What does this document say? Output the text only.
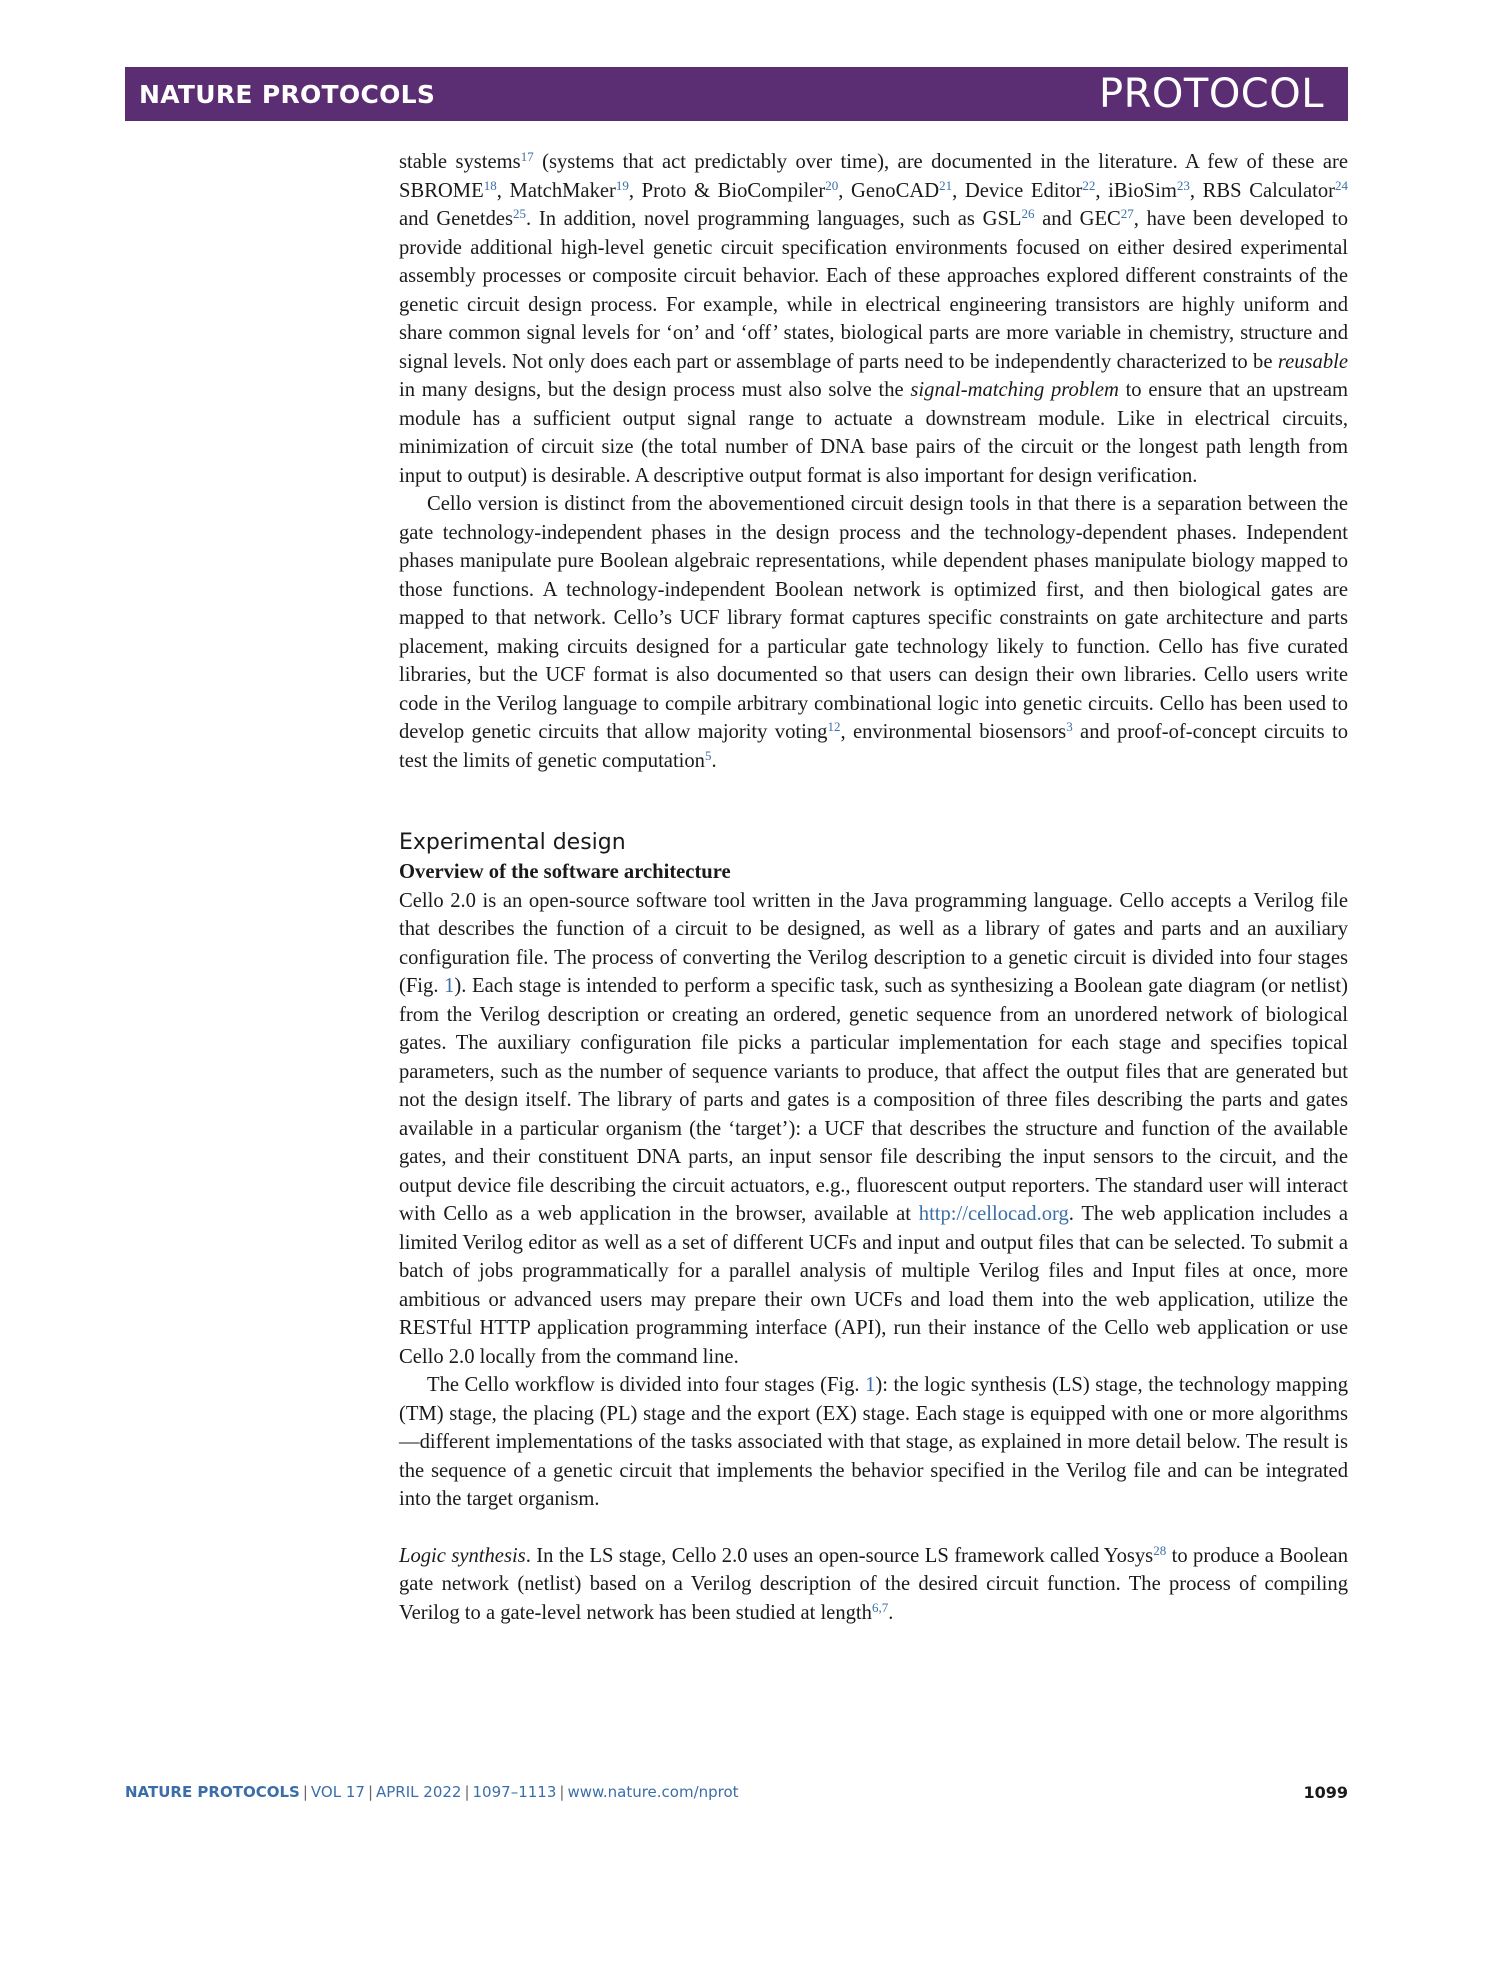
NATURE PROTOCOLS	PROTOCOL

stable systems$^{17}$ (systems that act predictably over time), are documented in the literature. A few of these are SBROME$^{18}$, MatchMaker$^{19}$, Proto & BioCompiler$^{20}$, GenoCAD$^{21}$, Device Editor$^{22}$, iBioSim$^{23}$, RBS Calculator$^{24}$ and Genetdes$^{25}$. In addition, novel programming languages, such as GSL$^{26}$ and GEC$^{27}$, have been developed to provide additional high-level genetic circuit specification environments focused on either desired experimental assembly processes or composite circuit behavior. Each of these approaches explored different constraints of the genetic circuit design process. For example, while in electrical engineering transistors are highly uniform and share common signal levels for ‘on’ and ‘off’ states, biological parts are more variable in chemistry, structure and signal levels. Not only does each part or assemblage of parts need to be independently characterized to be reusable in many designs, but the design process must also solve the signal-matching problem to ensure that an upstream module has a sufficient output signal range to actuate a downstream module. Like in electrical circuits, minimization of circuit size (the total number of DNA base pairs of the circuit or the longest path length from input to output) is desirable. A descriptive output format is also important for design verification.

Cello version is distinct from the abovementioned circuit design tools in that there is a separation between the gate technology-independent phases in the design process and the technology-dependent phases. Independent phases manipulate pure Boolean algebraic representations, while dependent phases manipulate biology mapped to those functions. A technology-independent Boolean network is optimized first, and then biological gates are mapped to that network. Cello’s UCF library format captures specific constraints on gate architecture and parts placement, making circuits designed for a particular gate technology likely to function. Cello has five curated libraries, but the UCF format is also documented so that users can design their own libraries. Cello users write code in the Verilog language to compile arbitrary combinational logic into genetic circuits. Cello has been used to develop genetic circuits that allow majority voting$^{12}$, environmental biosensors$^3$ and proof-of-concept circuits to test the limits of genetic computation$^5$.

Experimental design
Overview of the software architecture

Cello 2.0 is an open-source software tool written in the Java programming language. Cello accepts a Verilog file that describes the function of a circuit to be designed, as well as a library of gates and parts and an auxiliary configuration file. The process of converting the Verilog description to a genetic circuit is divided into four stages (Fig. 1). Each stage is intended to perform a specific task, such as synthesizing a Boolean gate diagram (or netlist) from the Verilog description or creating an ordered, genetic sequence from an unordered network of biological gates. The auxiliary configuration file picks a particular implementation for each stage and specifies topical parameters, such as the number of sequence variants to produce, that affect the output files that are generated but not the design itself. The library of parts and gates is a composition of three files describing the parts and gates available in a particular organism (the ‘target’): a UCF that describes the structure and function of the available gates, and their constituent DNA parts, an input sensor file describing the input sensors to the circuit, and the output device file describing the circuit actuators, e.g., fluorescent output reporters. The standard user will interact with Cello as a web application in the browser, available at http://cellocad.org. The web application includes a limited Verilog editor as well as a set of different UCFs and input and output files that can be selected. To submit a batch of jobs programmatically for a parallel analysis of multiple Verilog files and Input files at once, more ambitious or advanced users may prepare their own UCFs and load them into the web application, utilize the RESTful HTTP application programming interface (API), run their instance of the Cello web application or use Cello 2.0 locally from the command line.

The Cello workflow is divided into four stages (Fig. 1): the logic synthesis (LS) stage, the technology mapping (TM) stage, the placing (PL) stage and the export (EX) stage. Each stage is equipped with one or more algorithms—different implementations of the tasks associated with that stage, as explained in more detail below. The result is the sequence of a genetic circuit that implements the behavior specified in the Verilog file and can be integrated into the target organism.

Logic synthesis. In the LS stage, Cello 2.0 uses an open-source LS framework called Yosys$^{28}$ to produce a Boolean gate network (netlist) based on a Verilog description of the desired circuit function. The process of compiling Verilog to a gate-level network has been studied at length$^{6,7}$.

NATURE PROTOCOLS | VOL 17 | APRIL 2022 | 1097–1113 | www.nature.com/nprot	1099
